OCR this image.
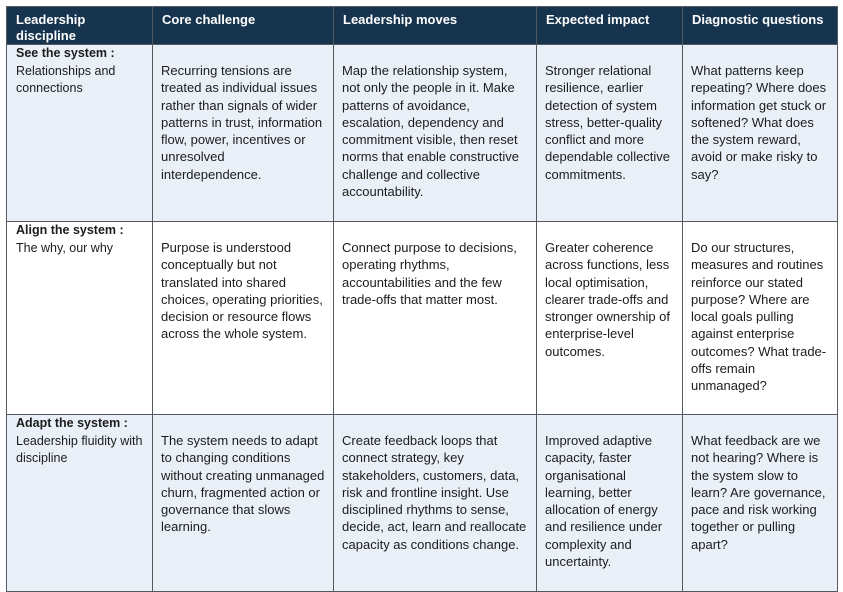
Leadership discipline	Core challenge	Leadership moves	Expected impact	Diagnostic questions

See the system :
Relationships and connections	Recurring tensions are treated as individual issues rather than signals of wider patterns in trust, information flow, power, incentives or unresolved interdependence.	Map the relationship system, not only the people in it. Make patterns of avoidance, escalation, dependency and commitment visible, then reset norms that enable constructive challenge and collective accountability.	Stronger relational resilience, earlier detection of system stress, better-quality conflict and more dependable collective commitments.	What patterns keep repeating? Where does information get stuck or softened? What does the system reward, avoid or make risky to say?

Align the system :
The why, our why	Purpose is understood conceptually but not translated into shared choices, operating priorities, decision or resource flows across the whole system.	Connect purpose to decisions, operating rhythms, accountabilities and the few trade-offs that matter most.	Greater coherence across functions, less local optimisation, clearer trade-offs and stronger ownership of enterprise-level outcomes.	Do our structures, measures and routines reinforce our stated purpose? Where are local goals pulling against enterprise outcomes? What trade-offs remain unmanaged?

Adapt the system :
Leadership fluidity with discipline	The system needs to adapt to changing conditions without creating unmanaged churn, fragmented action or governance that slows learning.	Create feedback loops that connect strategy, key stakeholders, customers, data, risk and frontline insight. Use disciplined rhythms to sense, decide, act, learn and reallocate capacity as conditions change.	Improved adaptive capacity, faster organisational learning, better allocation of energy and resilience under complexity and uncertainty.	What feedback are we not hearing? Where is the system slow to learn? Are governance, pace and risk working together or pulling apart?
